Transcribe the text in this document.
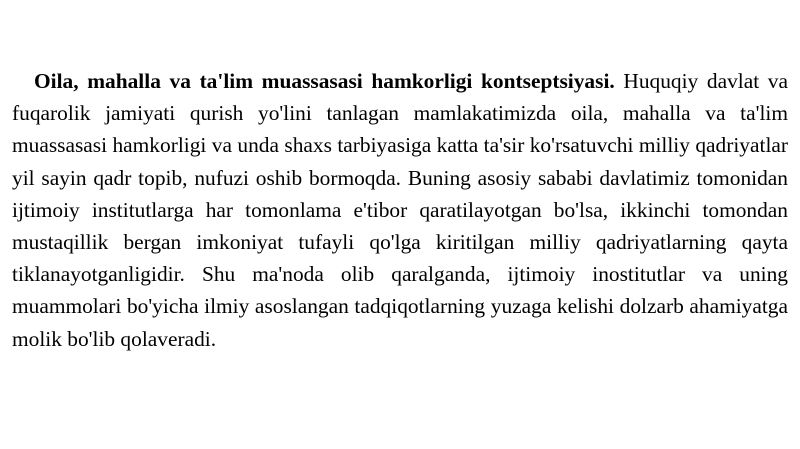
Oila, mahalla va ta'lim muassasasi hamkorligi kontseptsiyasi. Huquqiy davlat va fuqarolik jamiyati qurish yo'lini tanlagan mamlakatimizda oila, mahalla va ta'lim muassasasi hamkorligi va unda shaxs tarbiyasiga katta ta'sir ko'rsatuvchi milliy qadriyatlar yil sayin qadr topib, nufuzi oshib bormoqda. Buning asosiy sababi davlatimiz tomonidan ijtimoiy institutlarga har tomonlama e'tibor qaratilayotgan bo'lsa, ikkinchi tomondan mustaqillik bergan imkoniyat tufayli qo'lga kiritilgan milliy qadriyatlarning qayta tiklanayotganligidir. Shu ma'noda olib qaralganda, ijtimoiy inostitutlar va uning muammolari bo'yicha ilmiy asoslangan tadqiqotlarning yuzaga kelishi dolzarb ahamiyatga molik bo'lib qolaveradi.
